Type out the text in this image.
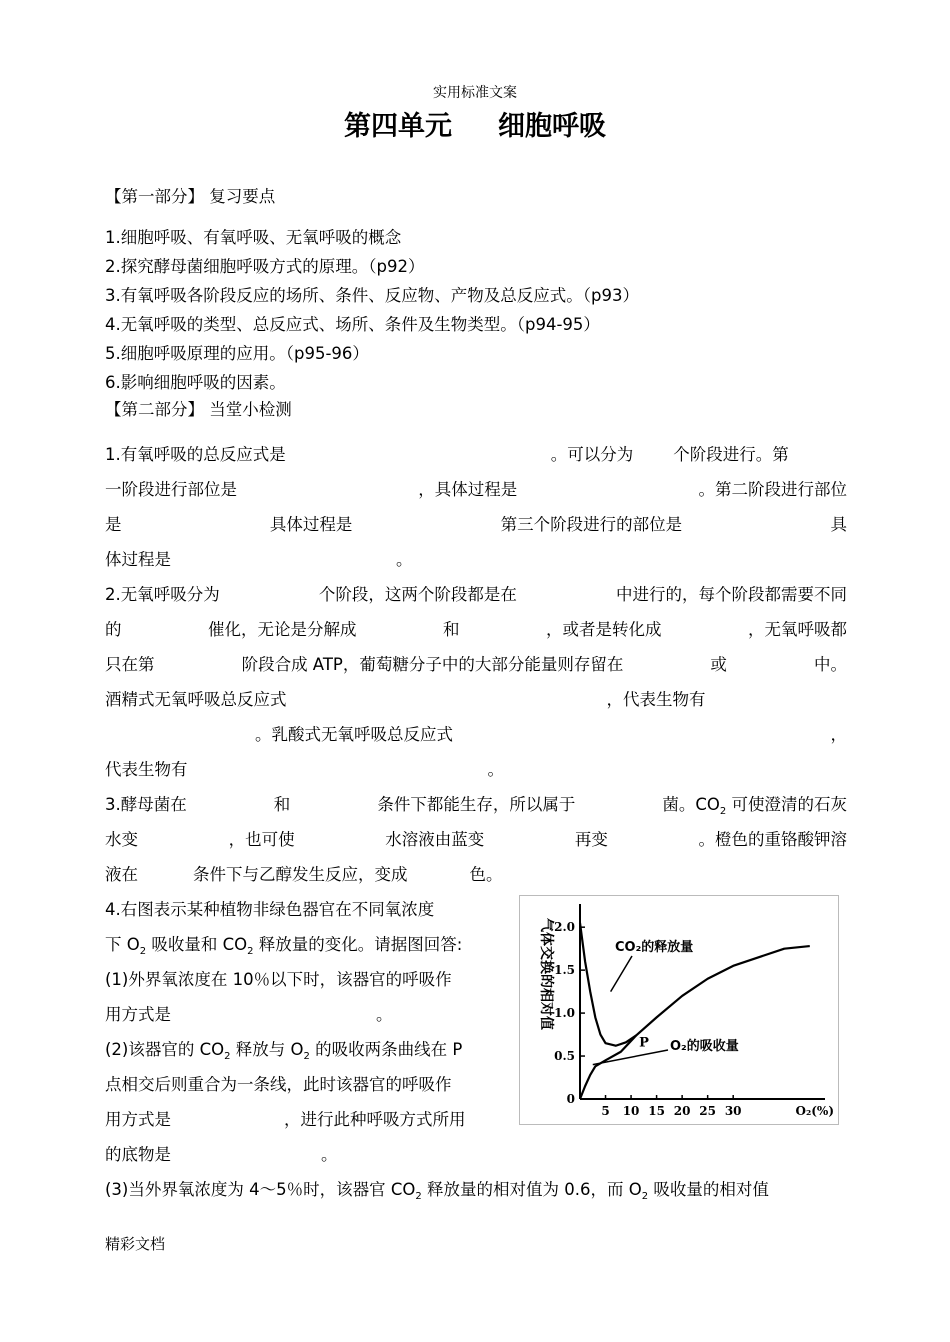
实用标准文案
第四单元 细胞呼吸
【第一部分】 复习要点
1.细胞呼吸、有氧呼吸、无氧呼吸的概念
2.探究酵母菌细胞呼吸方式的原理。（p92）
3.有氧呼吸各阶段反应的场所、条件、反应物、产物及总反应式。（p93）
4.无氧呼吸的类型、总反应式、场所、条件及生物类型。（p94-95）
5.细胞呼吸原理的应用。（p95-96）
6.影响细胞呼吸的因素。
【第二部分】 当堂小检测
1.有氧呼吸的总反应式是	。可以分为 个阶段进行。第
一阶段进行部位是	，具体过程是	。第二阶段进行部位
是	具体过程是	第三个阶段进行的部位是	具
体过程是	。
2.无氧呼吸分为	个阶段，这两个阶段都是在	中进行的，每个阶段都需要不同
的	催化，无论是分解成	和	，或者是转化成	，无氧呼吸都
只在第	阶段合成 ATP，葡萄糖分子中的大部分能量则存留在	或	中。
酒精式无氧呼吸总反应式	，代表生物有
。乳酸式无氧呼吸总反应式	，
代表生物有	。
3.酵母菌在	和	条件下都能生存，所以属于	菌。$CO_2$ 可使澄清的石灰
水变	，也可使	水溶液由蓝变	再变	。橙色的重铬酸钾溶
液在	条件下与乙醇发生反应，变成	色。
4.右图表示某种植物非绿色器官在不同氧浓度
下 $O_2$ 吸收量和 $CO_2$ 释放量的变化。请据图回答:
(1)外界氧浓度在 10％以下时，该器官的呼吸作
用方式是	。
(2)该器官的 $CO_2$ 释放与 $O_2$ 的吸收两条曲线在 P
点相交后则重合为一条线，此时该器官的呼吸作
用方式是	，进行此种呼吸方式所用
的底物是	。
(3)当外界氧浓度为 4～5％时，该器官 $CO_2$ 释放量的相对值为 0.6，而 $O_2$ 吸收量的相对值
0
0.5
1.0
1.5
2.0
5 10 15 20 25 30	O₂(%)
气体交换的相对值	CO₂的释放量
O₂的吸收量
P
精彩文档
